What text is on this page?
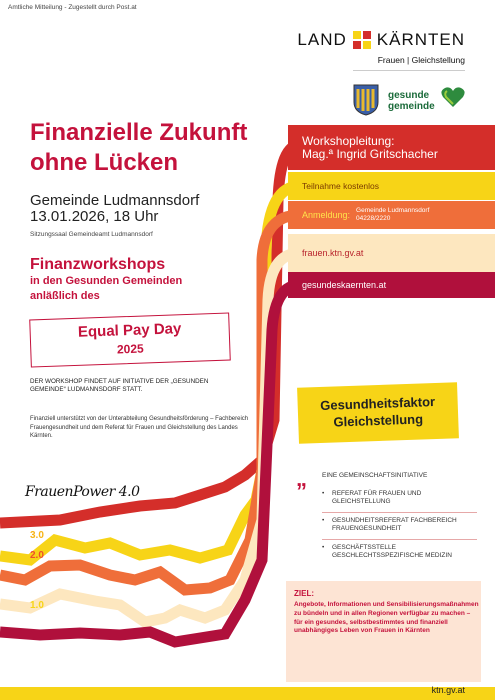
Amtliche Mitteilung - Zugestellt durch Post.at
LAND KÄRNTEN
Frauen | Gleichstellung
gesunde
gemeinde
Finanzielle Zukunft
ohne Lücken
Gemeinde Ludmannsdorf
13.01.2026, 18 Uhr
Sitzungssaal Gemeindeamt Ludmannsdorf
Finanzworkshops
in den Gesunden Gemeinden
anläßlich des
Equal Pay Day
2025
DER WORKSHOP FINDET AUF INITIATIVE DER „GESUNDEN GEMEINDE“ LUDMANNSDORF STATT.
Finanziell unterstützt von der Unterabteilung Gesundheitsförderung – Fachbereich Frauengesundheit und dem Referat für Frauen und Gleichstellung des Landes Kärnten.
FrauenPower 4.0
3.0
2.0
1.0
0.0
Workshopleitung:
Mag.ª Ingrid Gritschacher
Teilnahme kostenlos
Anmeldung: Gemeinde Ludmannsdorf
04228/2220
frauen.ktn.gv.at
gesundeskaernten.at
Gesundheitsfaktor
Gleichstellung
„ EINE GEMEINSCHAFTSINITIATIVE
• REFERAT FÜR FRAUEN UND GLEICHSTELLUNG
• GESUNDHEITSREFERAT FACHBEREICH FRAUENGESUNDHEIT
• GESCHÄFTSSTELLE GESCHLECHTSSPEZIFISCHE MEDIZIN
ZIEL:
Angebote, Informationen und Sensibilisierungsmaßnahmen zu bündeln und in allen Regionen verfügbar zu machen – für ein gesundes, selbstbestimmtes und finanziell unabhängiges Leben von Frauen in Kärnten
ktn.gv.at
